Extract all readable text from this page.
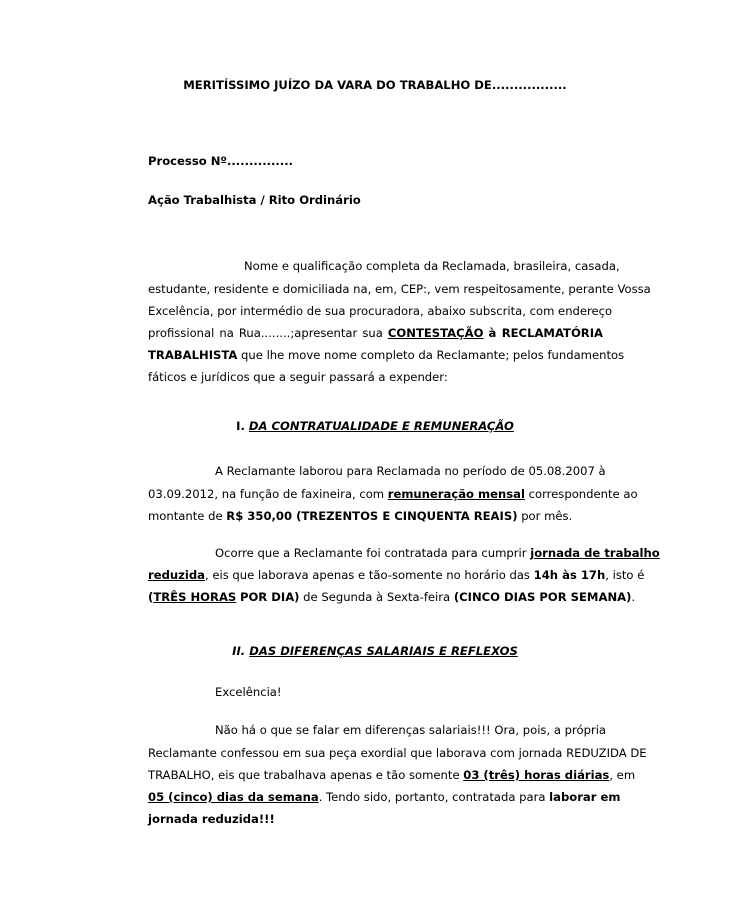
MERITÍSSIMO JUÍZO DA VARA DO TRABALHO DE.................
Processo Nº...............
Ação Trabalhista / Rito Ordinário
Nome e qualificação completa da Reclamada, brasileira, casada,
estudante, residente e domiciliada na, em, CEP:, vem respeitosamente, perante Vossa
Excelência, por intermédio de sua procuradora, abaixo subscrita, com endereço
profissional na Rua........;apresentar sua CONTESTAÇÃO à RECLAMATÓRIA
TRABALHISTA que lhe move nome completo da Reclamante; pelos fundamentos
fáticos e jurídicos que a seguir passará a expender:
I. DA CONTRATUALIDADE E REMUNERAÇÃO
A Reclamante laborou para Reclamada no período de 05.08.2007 à
03.09.2012, na função de faxineira, com remuneração mensal correspondente ao
montante de R$ 350,00 (TREZENTOS E CINQUENTA REAIS) por mês.
Ocorre que a Reclamante foi contratada para cumprir jornada de trabalho
reduzida, eis que laborava apenas e tão-somente no horário das 14h às 17h, isto é
(TRÊS HORAS POR DIA) de Segunda à Sexta-feira (CINCO DIAS POR SEMANA).
II. DAS DIFERENÇAS SALARIAIS E REFLEXOS
Excelência!
Não há o que se falar em diferenças salariais!!! Ora, pois, a própria
Reclamante confessou em sua peça exordial que laborava com jornada REDUZIDA DE
TRABALHO, eis que trabalhava apenas e tão somente 03 (três) horas diárias, em
05 (cinco) dias da semana. Tendo sido, portanto, contratada para laborar em
jornada reduzida!!!
